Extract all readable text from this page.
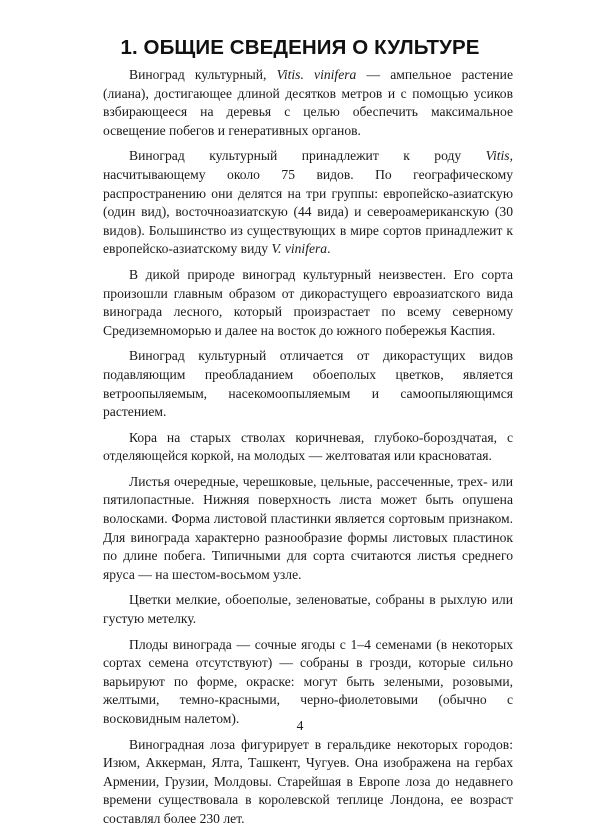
1. ОБЩИЕ СВЕДЕНИЯ О КУЛЬТУРЕ

Виноград культурный, Vitis. vinifera — ампельное растение (лиана), достигающее длиной десятков метров и с помощью усиков взбирающееся на деревья с целью обеспечить максимальное освещение побегов и генеративных органов.

Виноград культурный принадлежит к роду Vitis, насчитывающему около 75 видов. По географическому распространению они делятся на три группы: европейско-азиатскую (один вид), восточноазиатскую (44 вида) и североамериканскую (30 видов). Большинство из существующих в мире сортов принадлежит к европейско-азиатскому виду V. vinifera.

В дикой природе виноград культурный неизвестен. Его сорта произошли главным образом от дикорастущего евроазиатского вида винограда лесного, который произрастает по всему северному Средиземноморью и далее на восток до южного побережья Каспия.

Виноград культурный отличается от дикорастущих видов подавляющим преобладанием обоеполых цветков, является ветроопыляемым, насекомоопыляемым и самоопыляющимся растением.

Кора на старых стволах коричневая, глубоко-бороздчатая, с отделяющейся коркой, на молодых — желтоватая или красноватая.

Листья очередные, черешковые, цельные, рассеченные, трех- или пятилопастные. Нижняя поверхность листа может быть опушена волосками. Форма листовой пластинки является сортовым признаком. Для винограда характерно разнообразие формы листовых пластинок по длине побега. Типичными для сорта считаются листья среднего яруса — на шестом-восьмом узле.

Цветки мелкие, обоеполые, зеленоватые, собраны в рыхлую или густую метелку.

Плоды винограда — сочные ягоды с 1–4 семенами (в некоторых сортах семена отсутствуют) — собраны в грозди, которые сильно варьируют по форме, окраске: могут быть зелеными, розовыми, желтыми, темно-красными, черно-фиолетовыми (обычно с восковидным налетом).

Виноградная лоза фигурирует в геральдике некоторых городов: Изюм, Аккерман, Ялта, Ташкент, Чугуев. Она изображена на гербах Армении, Грузии, Молдовы. Старейшая в Европе лоза до недавнего времени существовала в королевской теплице Лондона, ее возраст составлял более 230 лет.

4
